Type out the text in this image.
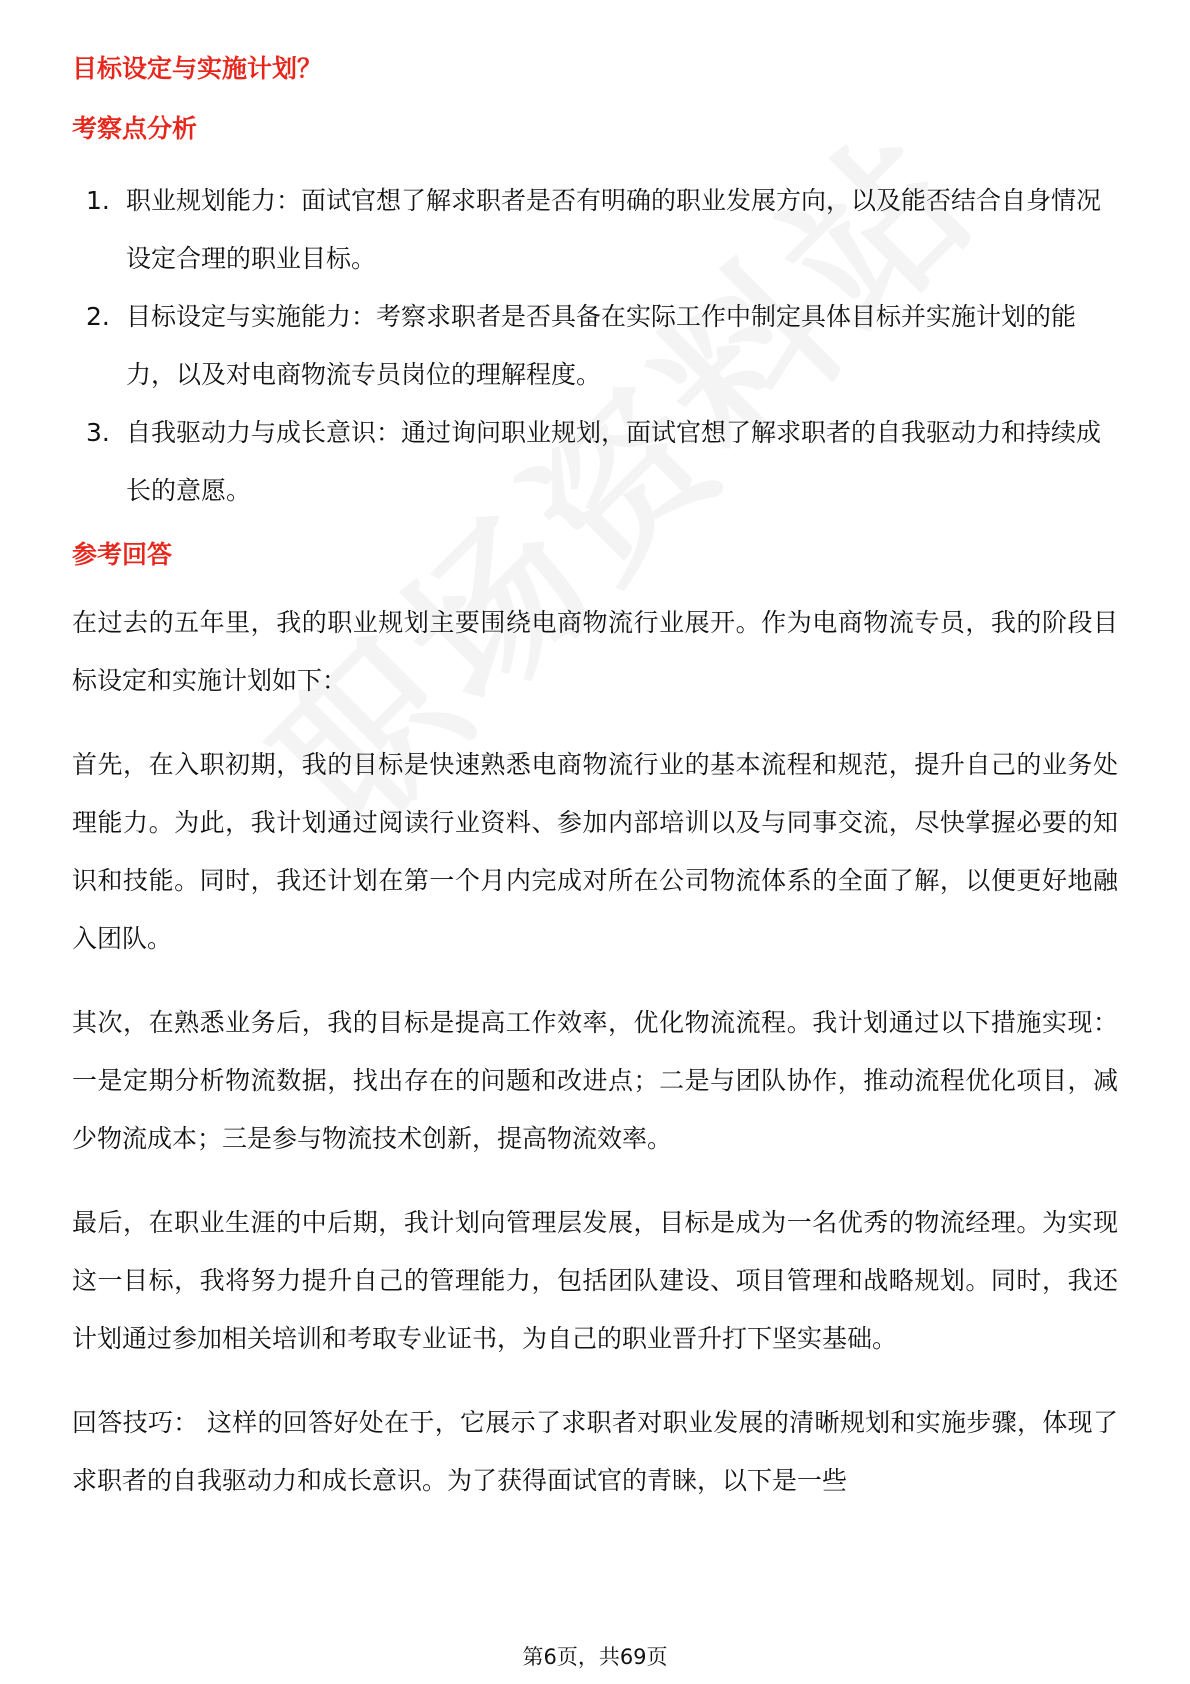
目标设定与实施计划？
考察点分析
1. 职业规划能力：面试官想了解求职者是否有明确的职业发展方向，以及能否结合自身情况设定合理的职业目标。
2. 目标设定与实施能力：考察求职者是否具备在实际工作中制定具体目标并实施计划的能力，以及对电商物流专员岗位的理解程度。
3. 自我驱动力与成长意识：通过询问职业规划，面试官想了解求职者的自我驱动力和持续成长的意愿。
参考回答

在过去的五年里，我的职业规划主要围绕电商物流行业展开。作为电商物流专员，我的阶段目标设定和实施计划如下：

首先，在入职初期，我的目标是快速熟悉电商物流行业的基本流程和规范，提升自己的业务处理能力。为此，我计划通过阅读行业资料、参加内部培训以及与同事交流，尽快掌握必要的知识和技能。同时，我还计划在第一个月内完成对所在公司物流体系的全面了解，以便更好地融入团队。

其次，在熟悉业务后，我的目标是提高工作效率，优化物流流程。我计划通过以下措施实现：一是定期分析物流数据，找出存在的问题和改进点；二是与团队协作，推动流程优化项目，减少物流成本；三是参与物流技术创新，提高物流效率。

最后，在职业生涯的中后期，我计划向管理层发展，目标是成为一名优秀的物流经理。为实现这一目标，我将努力提升自己的管理能力，包括团队建设、项目管理和战略规划。同时，我还计划通过参加相关培训和考取专业证书，为自己的职业晋升打下坚实基础。

回答技巧： 这样的回答好处在于，它展示了求职者对职业发展的清晰规划和实施步骤，体现了求职者的自我驱动力和成长意识。为了获得面试官的青睐，以下是一些

第6页，共69页
